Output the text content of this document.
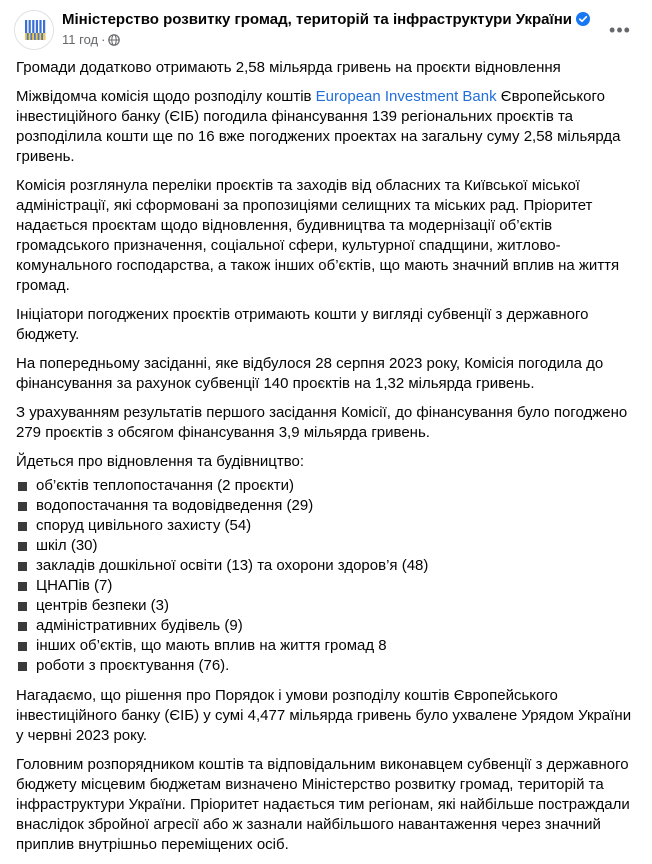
Міністерство розвитку громад, територій та інфраструктури України
11 год ·	•••

Громади додатково отримають 2,58 мільярда гривень на проєкти відновлення

Міжвідомча комісія щодо розподілу коштів European Investment Bank Європейського інвестиційного банку (ЄІБ) погодила фінансування 139 регіональних проєктів та розподілила кошти ще по 16 вже погоджених проектах на загальну суму 2,58 мільярда гривень.

Комісія розглянула переліки проєктів та заходів від обласних та Київської міської адміністрації, які сформовані за пропозиціями селищних та міських рад. Пріоритет надається проєктам щодо відновлення, будивництва та модернізації об’єктів громадського призначення, соціальної сфери, культурної спадщини, житлово-комунального господарства, а також інших об’єктів, що мають значний вплив на життя громад.

Ініціатори погоджених проєктів отримають кошти у вигляді субвенції з державного бюджету.

На попередньому засіданні, яке відбулося 28 серпня 2023 року, Комісія погодила до фінансування за рахунок субвенції 140 проєктів на 1,32 мільярда гривень.

З урахуванням результатів першого засідання Комісії, до фінансування було погоджено 279 проєктів з обсягом фінансування 3,9 мільярда гривень.

Йдеться про відновлення та будівництво:

об’єктів теплопостачання (2 проєкти)
водопостачання та водовідведення (29)
споруд цивільного захисту (54)
шкіл (30)
закладів дошкільної освіти (13) та охорони здоров’я (48)
ЦНАПів (7)
центрів безпеки (3)
адміністративних будівель (9)
інших об’єктів, що мають вплив на життя громад 8
роботи з проєктування (76).

Нагадаємо, що рішення про Порядок і умови розподілу коштів Європейського інвестиційного банку (ЄІБ) у сумі 4,477 мільярда гривень було ухвалене Урядом України у червні 2023 року.

Головним розпорядником коштів та відповідальним виконавцем субвенції з державного бюджету місцевим бюджетам визначено Міністерство розвитку громад, територій та інфраструктури України. Пріоритет надається тим регіонам, які найбільше постраждали внаслідок збройної агресії або ж зазнали найбільшого навантаження через значний приплив внутрішньо переміщених осіб.
